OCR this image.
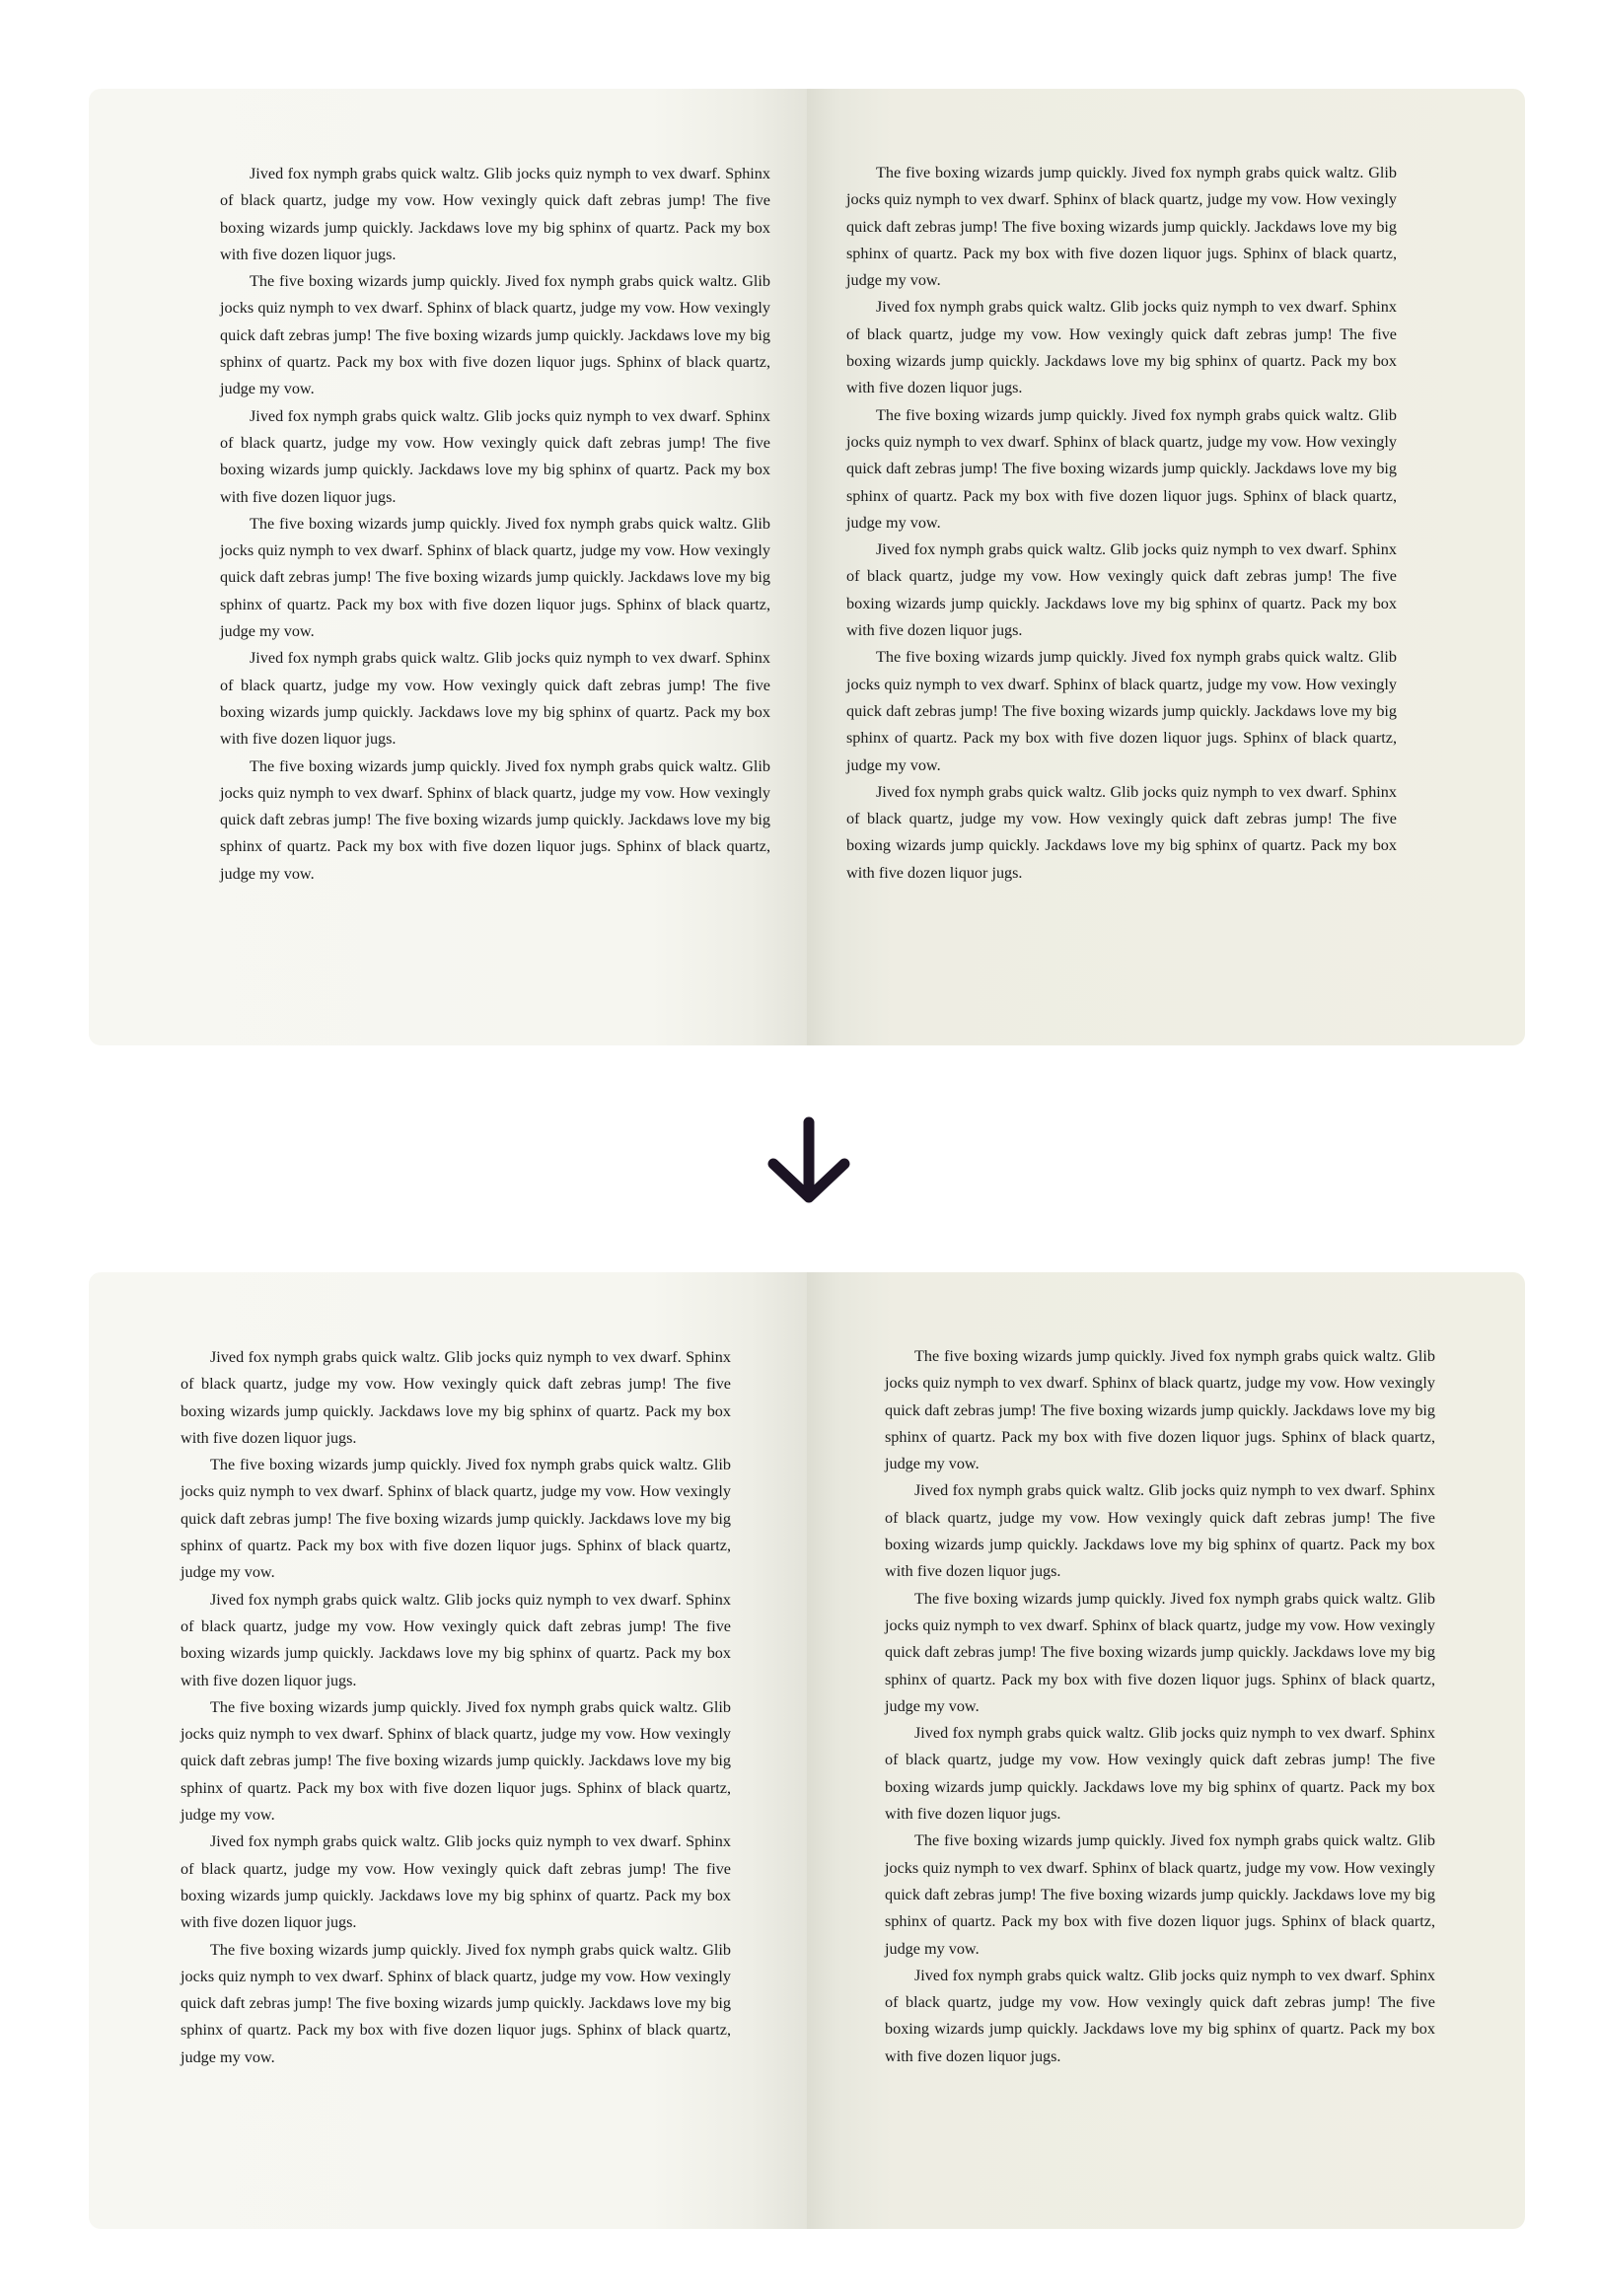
Jived fox nymph grabs quick waltz. Glib jocks quiz nymph to vex dwarf. Sphinx of black quartz, judge my vow. How vexingly quick daft zebras jump! The five boxing wizards jump quickly. Jackdaws love my big sphinx of quartz. Pack my box with five dozen liquor jugs.

The five boxing wizards jump quickly. Jived fox nymph grabs quick waltz. Glib jocks quiz nymph to vex dwarf. Sphinx of black quartz, judge my vow. How vexingly quick daft zebras jump! The five boxing wizards jump quickly. Jackdaws love my big sphinx of quartz. Pack my box with five dozen liquor jugs. Sphinx of black quartz, judge my vow.

Jived fox nymph grabs quick waltz. Glib jocks quiz nymph to vex dwarf. Sphinx of black quartz, judge my vow. How vexingly quick daft zebras jump! The five boxing wizards jump quickly. Jackdaws love my big sphinx of quartz. Pack my box with five dozen liquor jugs.

The five boxing wizards jump quickly. Jived fox nymph grabs quick waltz. Glib jocks quiz nymph to vex dwarf. Sphinx of black quartz, judge my vow. How vexingly quick daft zebras jump! The five boxing wizards jump quickly. Jackdaws love my big sphinx of quartz. Pack my box with five dozen liquor jugs. Sphinx of black quartz, judge my vow.

Jived fox nymph grabs quick waltz. Glib jocks quiz nymph to vex dwarf. Sphinx of black quartz, judge my vow. How vexingly quick daft zebras jump! The five boxing wizards jump quickly. Jackdaws love my big sphinx of quartz. Pack my box with five dozen liquor jugs.

The five boxing wizards jump quickly. Jived fox nymph grabs quick waltz. Glib jocks quiz nymph to vex dwarf. Sphinx of black quartz, judge my vow. How vexingly quick daft zebras jump! The five boxing wizards jump quickly. Jackdaws love my big sphinx of quartz. Pack my box with five dozen liquor jugs. Sphinx of black quartz, judge my vow.

The five boxing wizards jump quickly. Jived fox nymph grabs quick waltz. Glib jocks quiz nymph to vex dwarf. Sphinx of black quartz, judge my vow. How vexingly quick daft zebras jump! The five boxing wizards jump quickly. Jackdaws love my big sphinx of quartz. Pack my box with five dozen liquor jugs. Sphinx of black quartz, judge my vow.

Jived fox nymph grabs quick waltz. Glib jocks quiz nymph to vex dwarf. Sphinx of black quartz, judge my vow. How vexingly quick daft zebras jump! The five boxing wizards jump quickly. Jackdaws love my big sphinx of quartz. Pack my box with five dozen liquor jugs.

The five boxing wizards jump quickly. Jived fox nymph grabs quick waltz. Glib jocks quiz nymph to vex dwarf. Sphinx of black quartz, judge my vow. How vexingly quick daft zebras jump! The five boxing wizards jump quickly. Jackdaws love my big sphinx of quartz. Pack my box with five dozen liquor jugs. Sphinx of black quartz, judge my vow.

Jived fox nymph grabs quick waltz. Glib jocks quiz nymph to vex dwarf. Sphinx of black quartz, judge my vow. How vexingly quick daft zebras jump! The five boxing wizards jump quickly. Jackdaws love my big sphinx of quartz. Pack my box with five dozen liquor jugs.

The five boxing wizards jump quickly. Jived fox nymph grabs quick waltz. Glib jocks quiz nymph to vex dwarf. Sphinx of black quartz, judge my vow. How vexingly quick daft zebras jump! The five boxing wizards jump quickly. Jackdaws love my big sphinx of quartz. Pack my box with five dozen liquor jugs. Sphinx of black quartz, judge my vow.

Jived fox nymph grabs quick waltz. Glib jocks quiz nymph to vex dwarf. Sphinx of black quartz, judge my vow. How vexingly quick daft zebras jump! The five boxing wizards jump quickly. Jackdaws love my big sphinx of quartz. Pack my box with five dozen liquor jugs.

Jived fox nymph grabs quick waltz. Glib jocks quiz nymph to vex dwarf. Sphinx of black quartz, judge my vow. How vexingly quick daft zebras jump! The five boxing wizards jump quickly. Jackdaws love my big sphinx of quartz. Pack my box with five dozen liquor jugs.

The five boxing wizards jump quickly. Jived fox nymph grabs quick waltz. Glib jocks quiz nymph to vex dwarf. Sphinx of black quartz, judge my vow. How vexingly quick daft zebras jump! The five boxing wizards jump quickly. Jackdaws love my big sphinx of quartz. Pack my box with five dozen liquor jugs. Sphinx of black quartz, judge my vow.

Jived fox nymph grabs quick waltz. Glib jocks quiz nymph to vex dwarf. Sphinx of black quartz, judge my vow. How vexingly quick daft zebras jump! The five boxing wizards jump quickly. Jackdaws love my big sphinx of quartz. Pack my box with five dozen liquor jugs.

The five boxing wizards jump quickly. Jived fox nymph grabs quick waltz. Glib jocks quiz nymph to vex dwarf. Sphinx of black quartz, judge my vow. How vexingly quick daft zebras jump! The five boxing wizards jump quickly. Jackdaws love my big sphinx of quartz. Pack my box with five dozen liquor jugs. Sphinx of black quartz, judge my vow.

Jived fox nymph grabs quick waltz. Glib jocks quiz nymph to vex dwarf. Sphinx of black quartz, judge my vow. How vexingly quick daft zebras jump! The five boxing wizards jump quickly. Jackdaws love my big sphinx of quartz. Pack my box with five dozen liquor jugs.

The five boxing wizards jump quickly. Jived fox nymph grabs quick waltz. Glib jocks quiz nymph to vex dwarf. Sphinx of black quartz, judge my vow. How vexingly quick daft zebras jump! The five boxing wizards jump quickly. Jackdaws love my big sphinx of quartz. Pack my box with five dozen liquor jugs. Sphinx of black quartz, judge my vow.

The five boxing wizards jump quickly. Jived fox nymph grabs quick waltz. Glib jocks quiz nymph to vex dwarf. Sphinx of black quartz, judge my vow. How vexingly quick daft zebras jump! The five boxing wizards jump quickly. Jackdaws love my big sphinx of quartz. Pack my box with five dozen liquor jugs. Sphinx of black quartz, judge my vow.

Jived fox nymph grabs quick waltz. Glib jocks quiz nymph to vex dwarf. Sphinx of black quartz, judge my vow. How vexingly quick daft zebras jump! The five boxing wizards jump quickly. Jackdaws love my big sphinx of quartz. Pack my box with five dozen liquor jugs.

The five boxing wizards jump quickly. Jived fox nymph grabs quick waltz. Glib jocks quiz nymph to vex dwarf. Sphinx of black quartz, judge my vow. How vexingly quick daft zebras jump! The five boxing wizards jump quickly. Jackdaws love my big sphinx of quartz. Pack my box with five dozen liquor jugs. Sphinx of black quartz, judge my vow.

Jived fox nymph grabs quick waltz. Glib jocks quiz nymph to vex dwarf. Sphinx of black quartz, judge my vow. How vexingly quick daft zebras jump! The five boxing wizards jump quickly. Jackdaws love my big sphinx of quartz. Pack my box with five dozen liquor jugs.

The five boxing wizards jump quickly. Jived fox nymph grabs quick waltz. Glib jocks quiz nymph to vex dwarf. Sphinx of black quartz, judge my vow. How vexingly quick daft zebras jump! The five boxing wizards jump quickly. Jackdaws love my big sphinx of quartz. Pack my box with five dozen liquor jugs. Sphinx of black quartz, judge my vow.

Jived fox nymph grabs quick waltz. Glib jocks quiz nymph to vex dwarf. Sphinx of black quartz, judge my vow. How vexingly quick daft zebras jump! The five boxing wizards jump quickly. Jackdaws love my big sphinx of quartz. Pack my box with five dozen liquor jugs.
